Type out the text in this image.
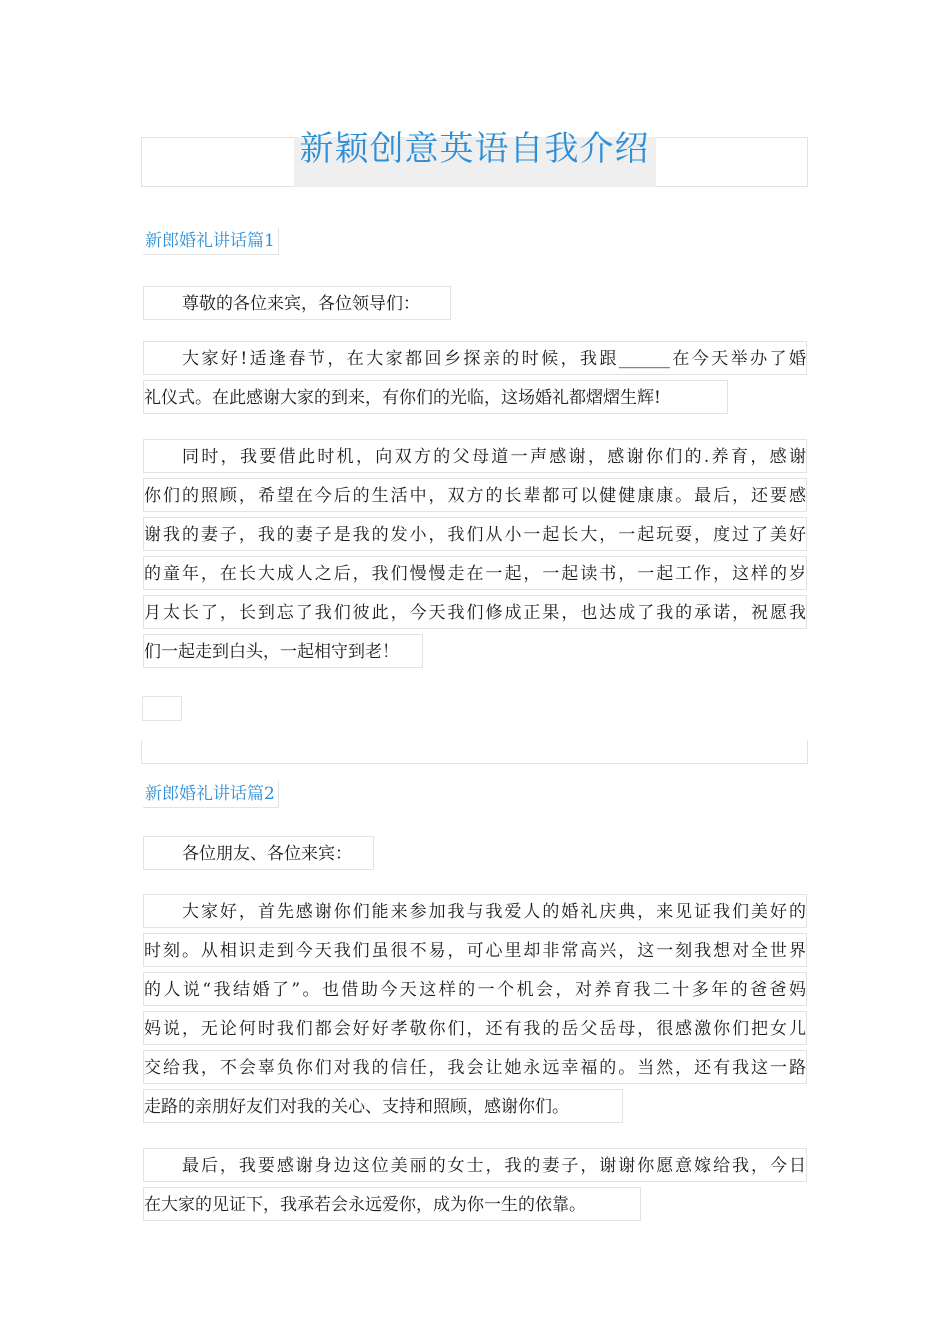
新颖创意英语自我介绍
新郎婚礼讲话篇1
尊敬的各位来宾，各位领导们：
大家好!适逢春节，在大家都回乡探亲的时候，我跟______在今天举办了婚
礼仪式。在此感谢大家的到来，有你们的光临，这场婚礼都熠熠生辉!
同时，我要借此时机，向双方的父母道一声感谢，感谢你们的.养育，感谢
你们的照顾，希望在今后的生活中，双方的长辈都可以健健康康。最后，还要感
谢我的妻子，我的妻子是我的发小，我们从小一起长大，一起玩耍，度过了美好
的童年，在长大成人之后，我们慢慢走在一起，一起读书，一起工作，这样的岁
月太长了，长到忘了我们彼此，今天我们修成正果，也达成了我的承诺，祝愿我
们一起走到白头，一起相守到老！
新郎婚礼讲话篇2
各位朋友、各位来宾：
大家好，首先感谢你们能来参加我与我爱人的婚礼庆典，来见证我们美好的
时刻。从相识走到今天我们虽很不易，可心里却非常高兴，这一刻我想对全世界
的人说“我结婚了”。也借助今天这样的一个机会，对养育我二十多年的爸爸妈
妈说，无论何时我们都会好好孝敬你们，还有我的岳父岳母，很感激你们把女儿
交给我，不会辜负你们对我的信任，我会让她永远幸福的。当然，还有我这一路
走路的亲朋好友们对我的关心、支持和照顾，感谢你们。
最后，我要感谢身边这位美丽的女士，我的妻子，谢谢你愿意嫁给我，今日
在大家的见证下，我承若会永远爱你，成为你一生的依靠。
